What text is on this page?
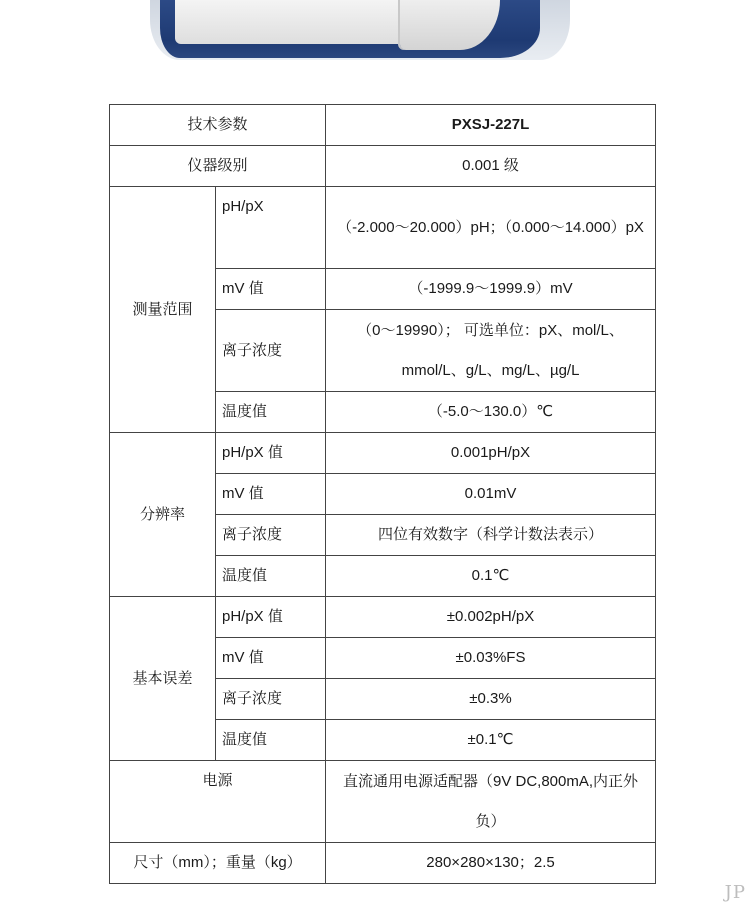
技术参数		PXSJ-227L
仪器级别		0.001 级
测量范围	pH/pX	（-2.000～20.000）pH；（0.000～14.000）pX
	mV 值	（-1999.9～1999.9）mV
	离子浓度	（0～19990）； 可选单位：pX、mol/L、mmol/L、g/L、mg/L、µg/L
	温度值	（-5.0～130.0）℃
分辨率	pH/pX 值	0.001pH/pX
	mV 值	0.01mV
	离子浓度	四位有效数字（科学计数法表示）
	温度值	0.1℃
基本误差	pH/pX 值	±0.002pH/pX
	mV 值	±0.03%FS
	离子浓度	±0.3%
	温度值	±0.1℃
电源		直流通用电源适配器（9V DC,800mA,内正外负）
尺寸（mm）；重量（kg）		280×280×130；2.5
JP
